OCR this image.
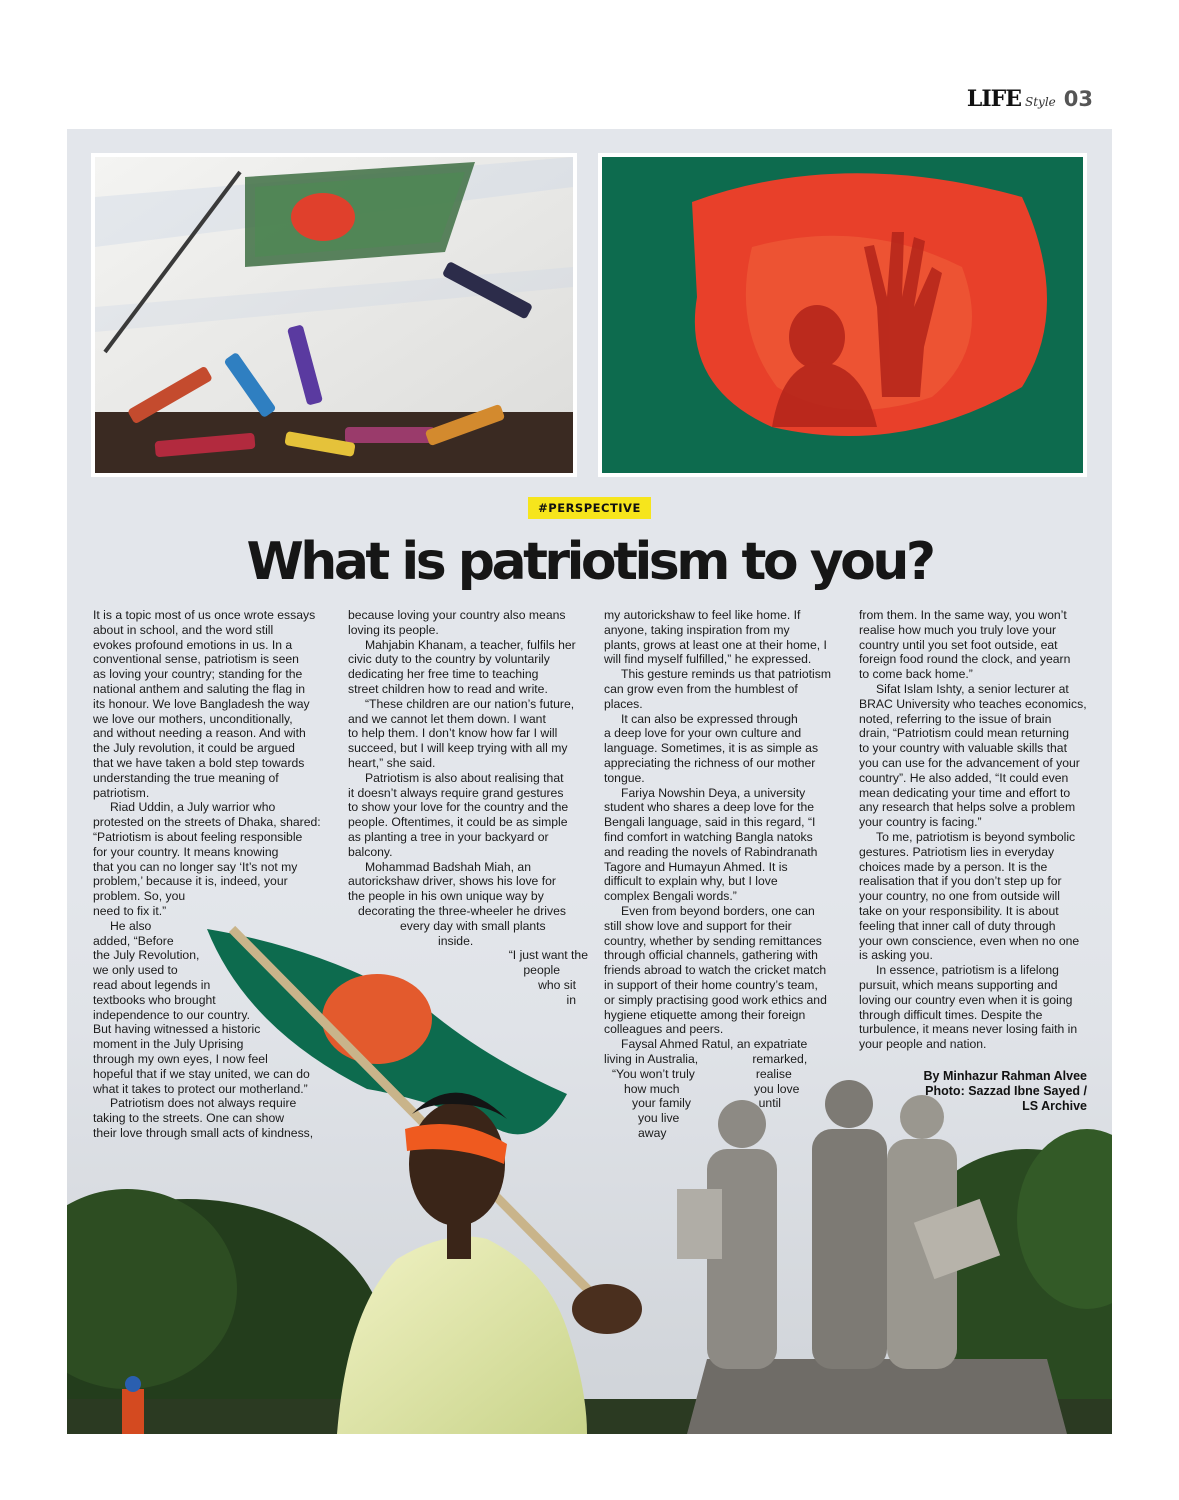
LIFE Style 03
#PERSPECTIVE
What is patriotism to you?

It is a topic most of us once wrote essays

about in school, and the word still

evokes profound emotions in us. In a

conventional sense, patriotism is seen

as loving your country; standing for the

national anthem and saluting the flag in

its honour. We love Bangladesh the way

we love our mothers, unconditionally,

and without needing a reason. And with

the July revolution, it could be argued

that we have taken a bold step towards

understanding the true meaning of

patriotism.

Riad Uddin, a July warrior who

protested on the streets of Dhaka, shared:

“Patriotism is about feeling responsible

for your country. It means knowing

that you can no longer say ‘It’s not my

problem,’ because it is, indeed, your

problem. So, you

need to fix it.”

He also

added, “Before

the July Revolution,

we only used to

read about legends in

textbooks who brought

independence to our country.

But having witnessed a historic

moment in the July Uprising

through my own eyes, I now feel

hopeful that if we stay united, we can do

what it takes to protect our motherland.”

Patriotism does not always require

taking to the streets. One can show

their love through small acts of kindness,

because loving your country also means

loving its people.

Mahjabin Khanam, a teacher, fulfils her

civic duty to the country by voluntarily

dedicating her free time to teaching

street children how to read and write.

“These children are our nation’s future,

and we cannot let them down. I want

to help them. I don’t know how far I will

succeed, but I will keep trying with all my

heart,” she said.

Patriotism is also about realising that

it doesn’t always require grand gestures

to show your love for the country and the

people. Oftentimes, it could be as simple

as planting a tree in your backyard or

balcony.

Mohammad Badshah Miah, an

autorickshaw driver, shows his love for

the people in his own unique way by

decorating the three-wheeler he drives

every day with small plants

inside.

“I just want the

people

who sit

in

my autorickshaw to feel like home. If

anyone, taking inspiration from my

plants, grows at least one at their home, I

will find myself fulfilled,” he expressed.

This gesture reminds us that patriotism

can grow even from the humblest of

places.

It can also be expressed through

a deep love for your own culture and

language. Sometimes, it is as simple as

appreciating the richness of our mother

tongue.

Fariya Nowshin Deya, a university

student who shares a deep love for the

Bengali language, said in this regard, “I

find comfort in watching Bangla natoks

and reading the novels of Rabindranath

Tagore and Humayun Ahmed. It is

difficult to explain why, but I love

complex Bengali words.”

Even from beyond borders, one can

still show love and support for their

country, whether by sending remittances

through official channels, gathering with

friends abroad to watch the cricket match

in support of their home country’s team,

or simply practising good work ethics and

hygiene etiquette among their foreign

colleagues and peers.

Faysal Ahmed Ratul, an expatriate

living in Australia,                remarked,

“You won’t truly                  realise

how much                      you love

your family                    until

you live

away

from them. In the same way, you won’t

realise how much you truly love your

country until you set foot outside, eat

foreign food round the clock, and yearn

to come back home.”

Sifat Islam Ishty, a senior lecturer at

BRAC University who teaches economics,

noted, referring to the issue of brain

drain, “Patriotism could mean returning

to your country with valuable skills that

you can use for the advancement of your

country”. He also added, “It could even

mean dedicating your time and effort to

any research that helps solve a problem

your country is facing.”

To me, patriotism is beyond symbolic

gestures. Patriotism lies in everyday

choices made by a person. It is the

realisation that if you don’t step up for

your country, no one from outside will

take on your responsibility. It is about

feeling that inner call of duty through

your own conscience, even when no one

is asking you.

In essence, patriotism is a lifelong

pursuit, which means supporting and

loving our country even when it is going

through difficult times. Despite the

turbulence, it means never losing faith in

your people and nation.

By Minhazur Rahman Alvee
Photo: Sazzad Ibne Sayed /
LS Archive
